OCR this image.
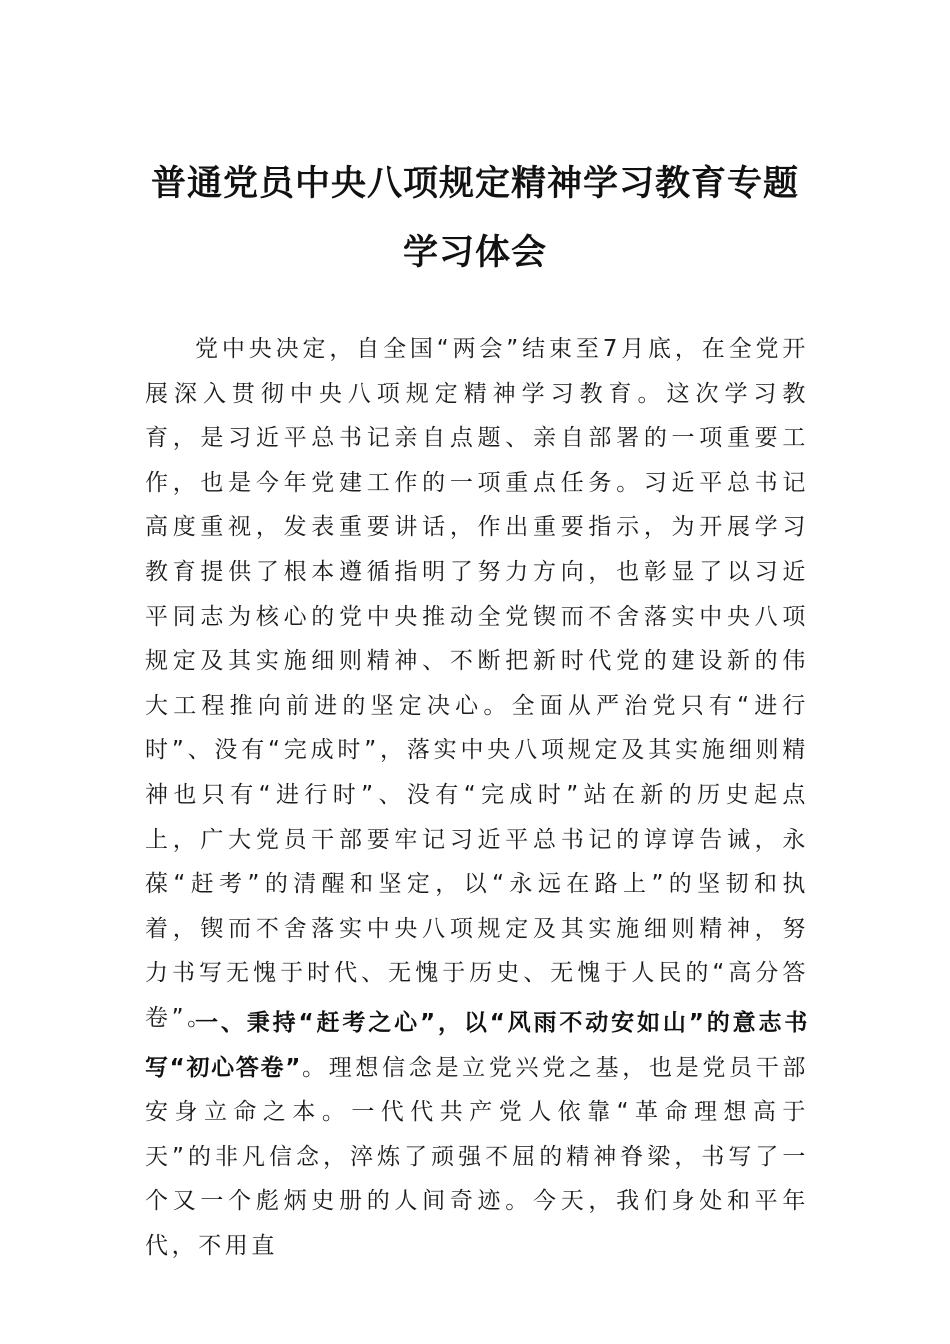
普通党员中央八项规定精神学习教育专题
学习体会

党中央决定，自全国“两会”结束至7月底，在全党开展深入贯彻中央八项规定精神学习教育。这次学习教育，是习近平总书记亲自点题、亲自部署的一项重要工作，也是今年党建工作的一项重点任务。习近平总书记高度重视，发表重要讲话，作出重要指示，为开展学习教育提供了根本遵循指明了努力方向，也彰显了以习近平同志为核心的党中央推动全党锲而不舍落实中央八项规定及其实施细则精神、不断把新时代党的建设新的伟大工程推向前进的坚定决心。全面从严治党只有“进行时”、没有“完成时”，落实中央八项规定及其实施细则精神也只有“进行时”、没有“完成时”站在新的历史起点上，广大党员干部要牢记习近平总书记的谆谆告诫，永葆“赶考”的清醒和坚定，以“永远在路上”的坚韧和执着，锲而不舍落实中央八项规定及其实施细则精神，努力书写无愧于时代、无愧于历史、无愧于人民的“高分答卷”。

一、秉持“赶考之心”，以“风雨不动安如山”的意志书写“初心答卷”。理想信念是立党兴党之基，也是党员干部安身立命之本。一代代共产党人依靠“革命理想高于天”的非凡信念，淬炼了顽强不屈的精神脊梁，书写了一个又一个彪炳史册的人间奇迹。今天，我们身处和平年代，不用直
